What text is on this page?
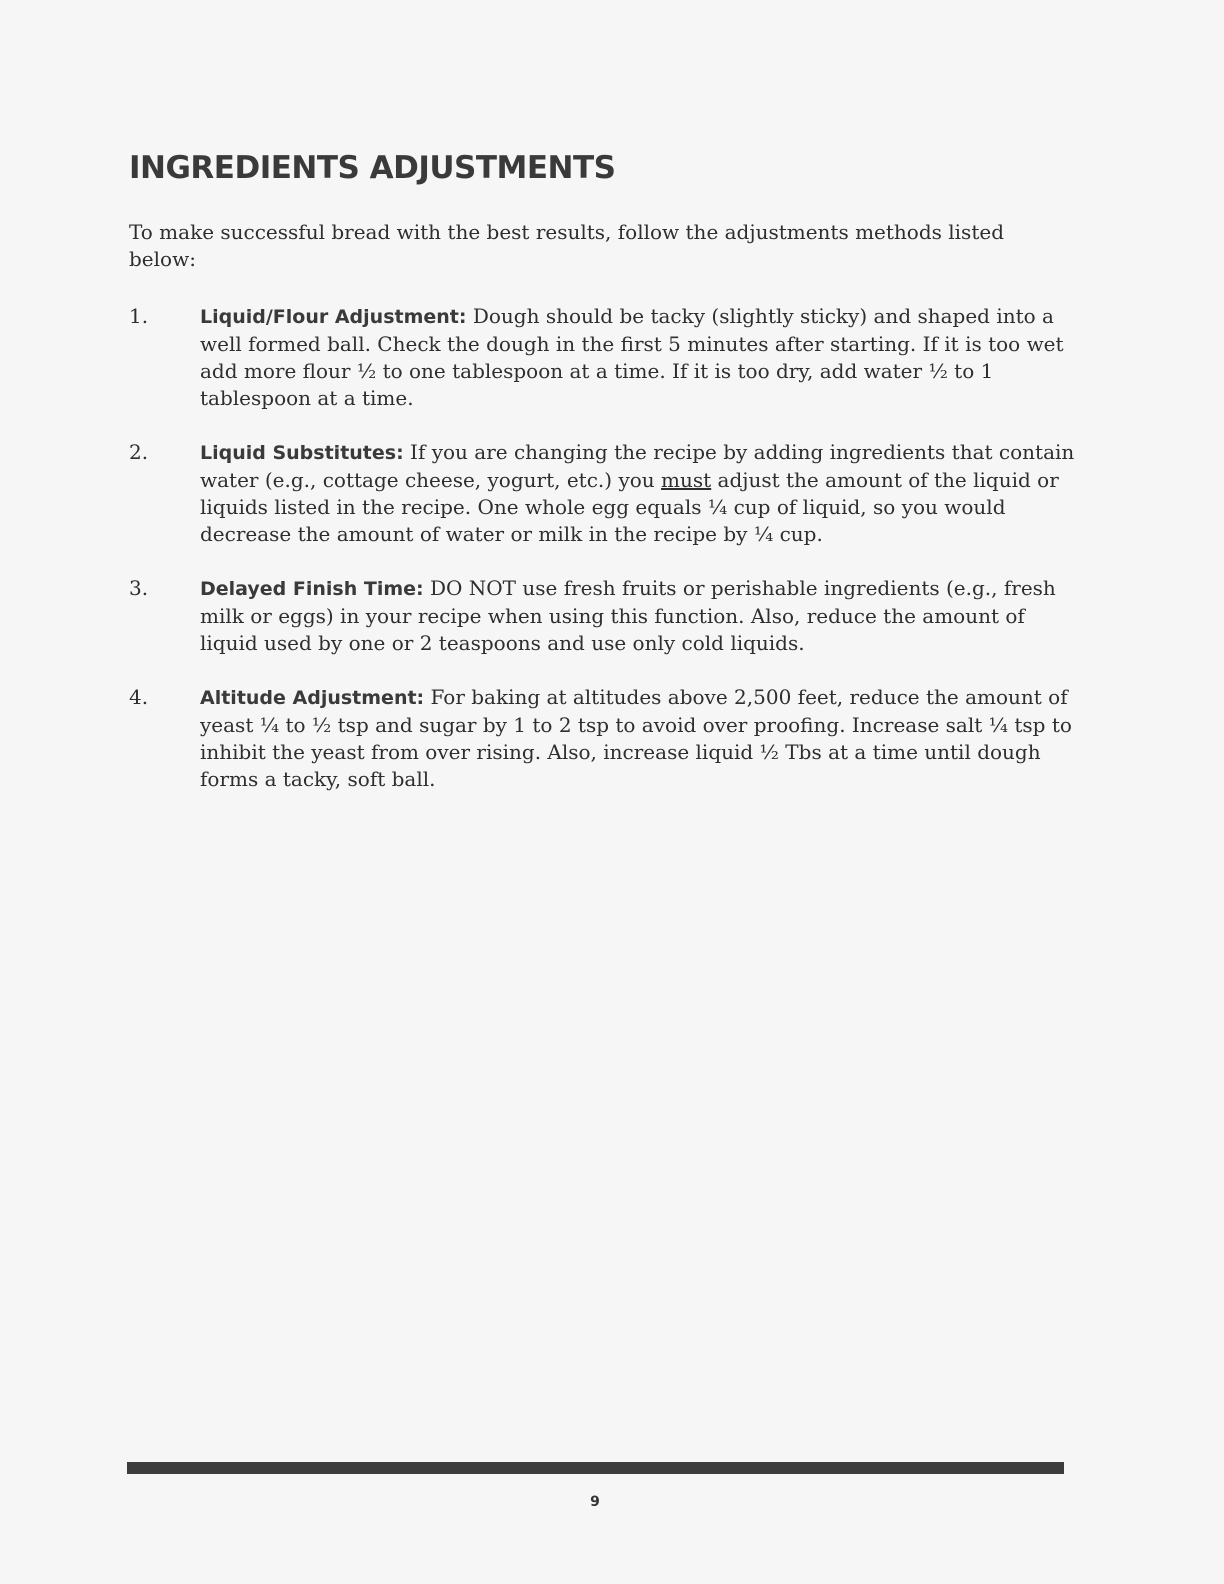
INGREDIENTS ADJUSTMENTS

To make successful bread with the best results, follow the adjustments methods listed below:

1.	Liquid/Flour Adjustment: Dough should be tacky (slightly sticky) and shaped into a well formed ball. Check the dough in the first 5 minutes after starting. If it is too wet add more flour ½ to one tablespoon at a time. If it is too dry, add water ½ to 1 tablespoon at a time.
2.	Liquid Substitutes: If you are changing the recipe by adding ingredients that contain water (e.g., cottage cheese, yogurt, etc.) you must adjust the amount of the liquid or liquids listed in the recipe. One whole egg equals ¼ cup of liquid, so you would decrease the amount of water or milk in the recipe by ¼ cup.
3.	Delayed Finish Time: DO NOT use fresh fruits or perishable ingredients (e.g., fresh milk or eggs) in your recipe when using this function. Also, reduce the amount of liquid used by one or 2 teaspoons and use only cold liquids.
4.	Altitude Adjustment: For baking at altitudes above 2,500 feet, reduce the amount of yeast ¼ to ½ tsp and sugar by 1 to 2 tsp to avoid over proofing. Increase salt ¼ tsp to inhibit the yeast from over rising. Also, increase liquid ½ Tbs at a time until dough forms a tacky, soft ball.
9
